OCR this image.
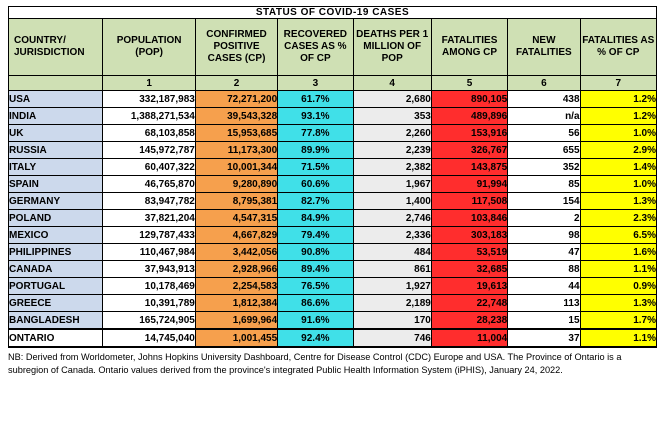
STATUS OF COVID-19 CASES							
COUNTRY/ JURISDICTION	POPULATION (POP)	CONFIRMED POSITIVE CASES (CP)	RECOVERED CASES AS % OF CP	DEATHS PER 1 MILLION OF POP	FATALITIES AMONG CP	NEW FATALITIES	FATALITIES AS % OF CP
	1	2	3	4	5	6	7
USA	332,187,983	72,271,200	61.7%	2,680	890,105	438	1.2%
INDIA	1,388,271,534	39,543,328	93.1%	353	489,896	n/a	1.2%
UK	68,103,858	15,953,685	77.8%	2,260	153,916	56	1.0%
RUSSIA	145,972,787	11,173,300	89.9%	2,239	326,767	655	2.9%
ITALY	60,407,322	10,001,344	71.5%	2,382	143,875	352	1.4%
SPAIN	46,765,870	9,280,890	60.6%	1,967	91,994	85	1.0%
GERMANY	83,947,782	8,795,381	82.7%	1,400	117,508	154	1.3%
POLAND	37,821,204	4,547,315	84.9%	2,746	103,846	2	2.3%
MEXICO	129,787,433	4,667,829	79.4%	2,336	303,183	98	6.5%
PHILIPPINES	110,467,984	3,442,056	90.8%	484	53,519	47	1.6%
CANADA	37,943,913	2,928,966	89.4%	861	32,685	88	1.1%
PORTUGAL	10,178,469	2,254,583	76.5%	1,927	19,613	44	0.9%
GREECE	10,391,789	1,812,384	86.6%	2,189	22,748	113	1.3%
BANGLADESH	165,724,905	1,699,964	91.6%	170	28,238	15	1.7%
ONTARIO	14,745,040	1,001,455	92.4%	746	11,004	37	1.1%
NB: Derived from Worldometer, Johns Hopkins University Dashboard, Centre for Disease Control (CDC) Europe and USA. The Province of Ontario is a subregion of Canada. Ontario values derived from the province's integrated Public Health Information System (iPHIS), January 24, 2022.
